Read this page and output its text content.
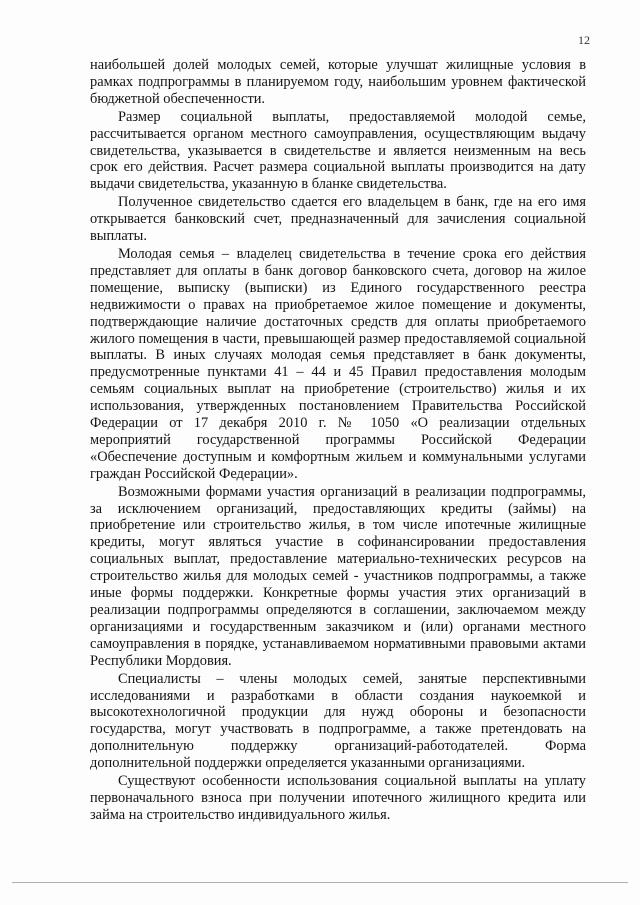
12

наибольшей долей молодых семей, которые улучшат жилищные условия в рамках подпрограммы в планируемом году, наибольшим уровнем фактической бюджетной обеспеченности.

Размер социальной выплаты, предоставляемой молодой семье, рассчитывается органом местного самоуправления, осуществляющим выдачу свидетельства, указывается в свидетельстве и является неизменным на весь срок его действия. Расчет размера социальной выплаты производится на дату выдачи свидетельства, указанную в бланке свидетельства.

Полученное свидетельство сдается его владельцем в банк, где на его имя открывается банковский счет, предназначенный для зачисления социальной выплаты.

Молодая семья – владелец свидетельства в течение срока его действия представляет для оплаты в банк договор банковского счета, договор на жилое помещение, выписку (выписки) из Единого государственного реестра недвижимости о правах на приобретаемое жилое помещение и документы, подтверждающие наличие достаточных средств для оплаты приобретаемого жилого помещения в части, превышающей размер предоставляемой социальной выплаты. В иных случаях молодая семья представляет в банк документы, предусмотренные пунктами 41 – 44 и 45 Правил предоставления молодым семьям социальных выплат на приобретение (строительство) жилья и их использования, утвержденных постановлением Правительства Российской Федерации от 17 декабря 2010 г. № 1050 «О реализации отдельных мероприятий государственной программы Российской Федерации «Обеспечение доступным и комфортным жильем и коммунальными услугами граждан Российской Федерации».

Возможными формами участия организаций в реализации подпрограммы, за исключением организаций, предоставляющих кредиты (займы) на приобретение или строительство жилья, в том числе ипотечные жилищные кредиты, могут являться участие в софинансировании предоставления социальных выплат, предоставление материально-технических ресурсов на строительство жилья для молодых семей - участников подпрограммы, а также иные формы поддержки. Конкретные формы участия этих организаций в реализации подпрограммы определяются в соглашении, заключаемом между организациями и государственным заказчиком и (или) органами местного самоуправления в порядке, устанавливаемом нормативными правовыми актами Республики Мордовия.

Специалисты – члены молодых семей, занятые перспективными исследованиями и разработками в области создания наукоемкой и высокотехнологичной продукции для нужд обороны и безопасности государства, могут участвовать в подпрограмме, а также претендовать на дополнительную поддержку организаций-работодателей. Форма дополнительной поддержки определяется указанными организациями.

Существуют особенности использования социальной выплаты на уплату первоначального взноса при получении ипотечного жилищного кредита или займа на строительство индивидуального жилья.
